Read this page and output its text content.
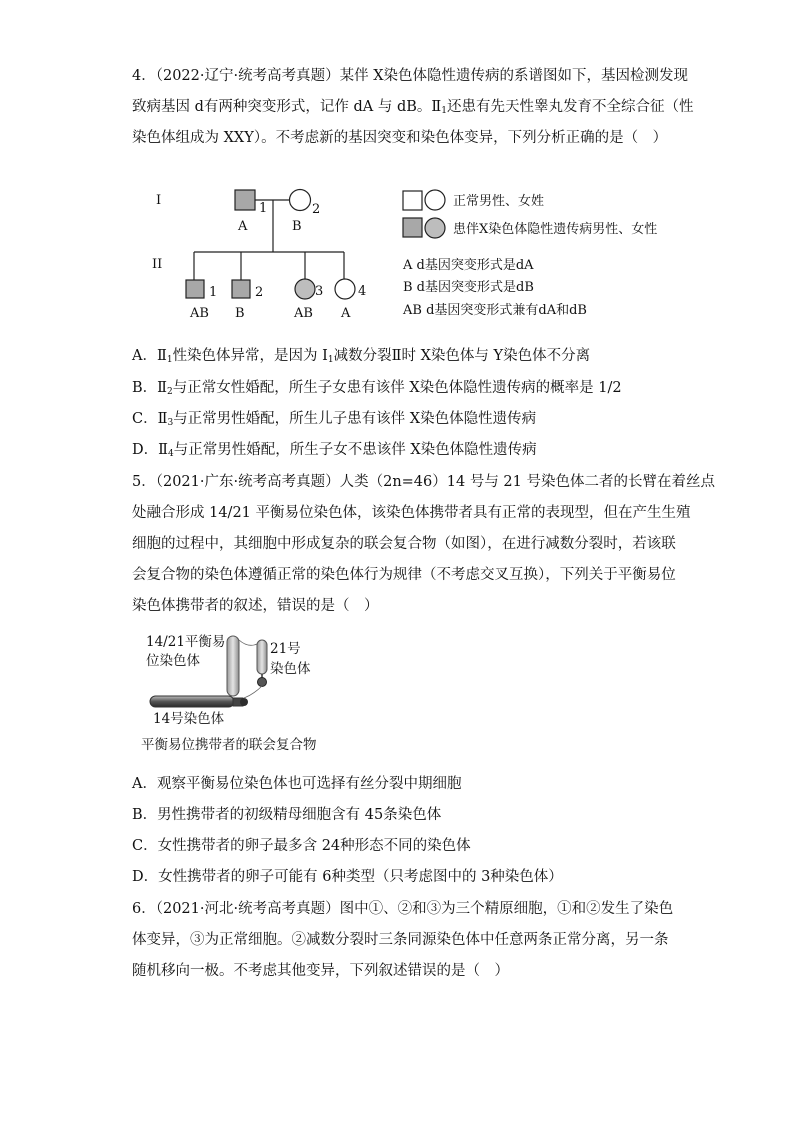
4．（2022·辽宁·统考高考真题）某伴 X染色体隐性遗传病的系谱图如下，基因检测发现
致病基因 d有两种突变形式，记作 dA 与 dB。$Ⅱ_1$还患有先天性睾丸发育不全综合征（性
染色体组成为 XXY）。不考虑新的基因突变和染色体变异，下列分析正确的是（　）
I
II
1	2
A	B
1	2	3	4
AB B	AB A
正常男性、女姓
患伴X染色体隐性遗传病男性、女性
A d基因突变形式是dA
B d基因突变形式是dB
AB d基因突变形式兼有dA和dB
A．$Ⅱ_1$性染色体异常，是因为 $I_1$减数分裂Ⅱ时 X染色体与 Y染色体不分离
B．$Ⅱ_2$与正常女性婚配，所生子女患有该伴 X染色体隐性遗传病的概率是 1/2
C．$Ⅱ_3$与正常男性婚配，所生儿子患有该伴 X染色体隐性遗传病
D．$Ⅱ_4$与正常男性婚配，所生子女不患该伴 X染色体隐性遗传病
5．（2021·广东·统考高考真题）人类（2n=46）14 号与 21 号染色体二者的长臂在着丝点
处融合形成 14/21 平衡易位染色体，该染色体携带者具有正常的表现型，但在产生生殖
细胞的过程中，其细胞中形成复杂的联会复合物（如图），在进行减数分裂时，若该联
会复合物的染色体遵循正常的染色体行为规律（不考虑交叉互换），下列关于平衡易位
染色体携带者的叙述，错误的是（　）
14/21平衡易
位染色体
21号
染色体
14号染色体
平衡易位携带者的联会复合物
A．观察平衡易位染色体也可选择有丝分裂中期细胞
B．男性携带者的初级精母细胞含有 45条染色体
C．女性携带者的卵子最多含 24种形态不同的染色体
D．女性携带者的卵子可能有 6种类型（只考虑图中的 3种染色体）
6．（2021·河北·统考高考真题）图中①、②和③为三个精原细胞，①和②发生了染色
体变异，③为正常细胞。②减数分裂时三条同源染色体中任意两条正常分离，另一条
随机移向一极。不考虑其他变异，下列叙述错误的是（　）
